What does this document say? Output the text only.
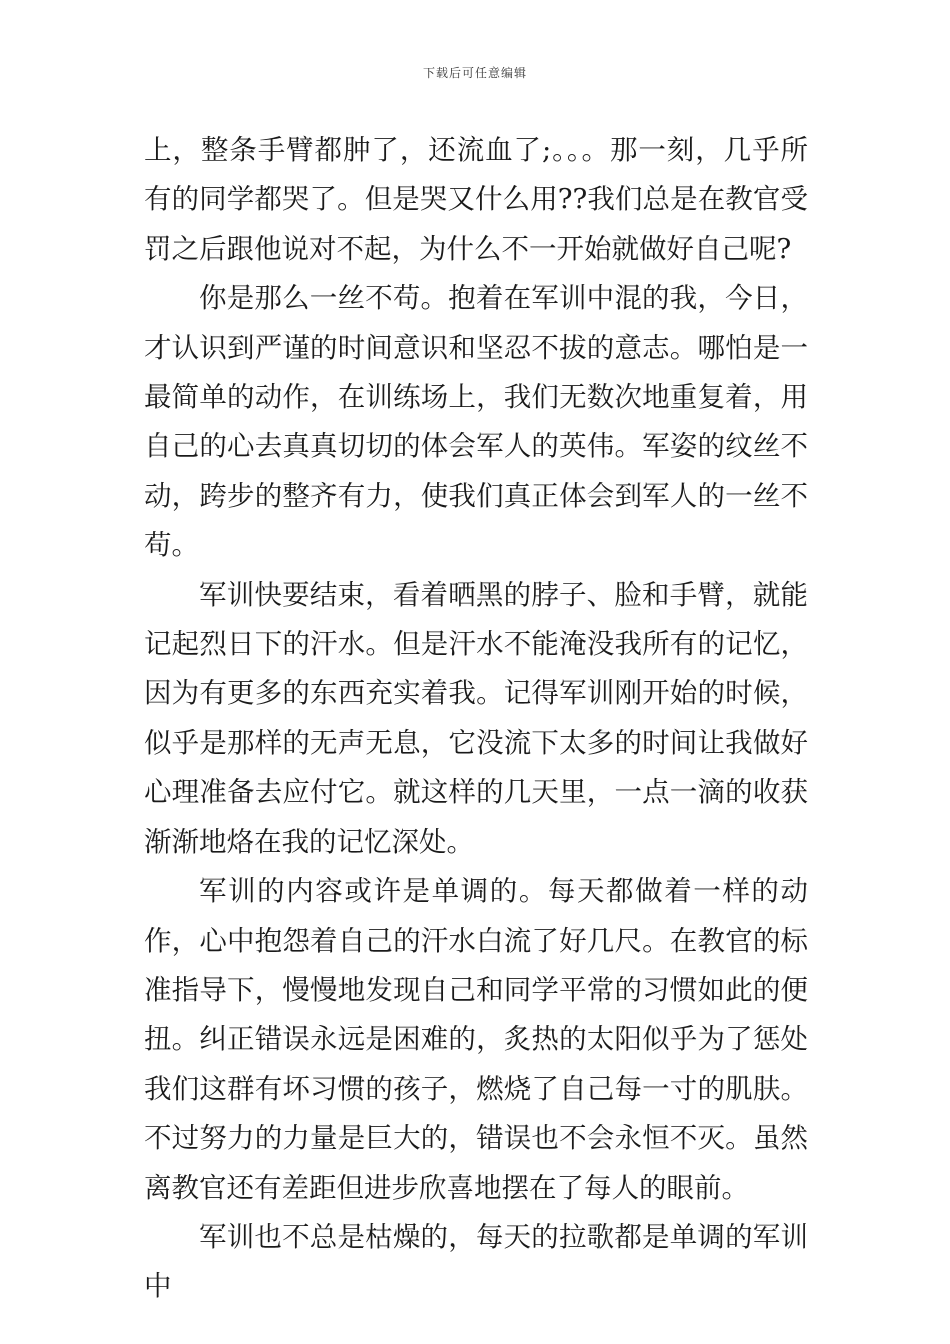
下载后可任意编辑

上，整条手臂都肿了，还流血了;。。。那一刻，几乎所有的同学都哭了。但是哭又什么用??我们总是在教官受罚之后跟他说对不起，为什么不一开始就做好自己呢?

你是那么一丝不苟。抱着在军训中混的我，今日，才认识到严谨的时间意识和坚忍不拔的意志。哪怕是一最简单的动作，在训练场上，我们无数次地重复着，用自己的心去真真切切的体会军人的英伟。军姿的纹丝不动，跨步的整齐有力，使我们真正体会到军人的一丝不苟。

军训快要结束，看着晒黑的脖子、脸和手臂，就能记起烈日下的汗水。但是汗水不能淹没我所有的记忆，因为有更多的东西充实着我。记得军训刚开始的时候，似乎是那样的无声无息，它没流下太多的时间让我做好心理准备去应付它。就这样的几天里，一点一滴的收获渐渐地烙在我的记忆深处。

军训的内容或许是单调的。每天都做着一样的动作，心中抱怨着自己的汗水白流了好几尺。在教官的标准指导下，慢慢地发现自己和同学平常的习惯如此的便扭。纠正错误永远是困难的，炙热的太阳似乎为了惩处我们这群有坏习惯的孩子，燃烧了自己每一寸的肌肤。不过努力的力量是巨大的，错误也不会永恒不灭。虽然离教官还有差距但进步欣喜地摆在了每人的眼前。

军训也不总是枯燥的，每天的拉歌都是单调的军训中
